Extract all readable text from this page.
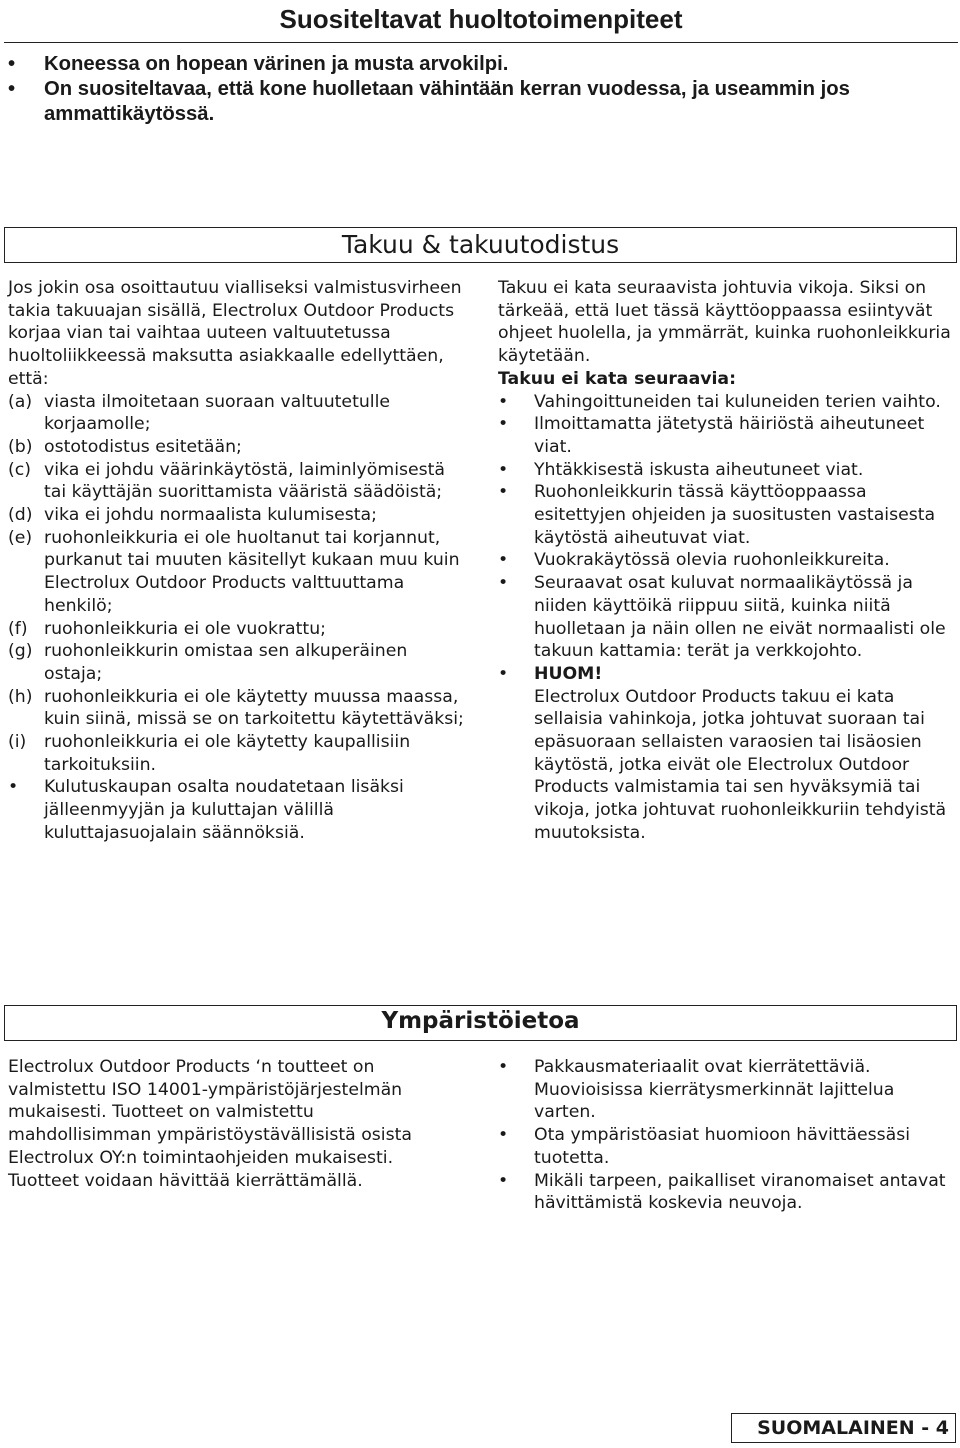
Suositeltavat huoltotoimenpiteet
• Koneessa on hopean värinen ja musta arvokilpi.
• On suositeltavaa, että kone huolletaan vähintään kerran vuodessa, ja useammin jos ammattikäytössä.
Takuu & takuutodistus

Jos jokin osa osoittautuu vialliseksi valmistusvirheen takia takuuajan sisällä, Electrolux Outdoor Products korjaa vian tai vaihtaa uuteen valtuutetussa huoltoliikkeessä maksutta asiakkaalle edellyttäen, että:

(a) viasta ilmoitetaan suoraan valtuutetulle korjaamolle;

(b) ostotodistus esitetään;

(c) vika ei johdu väärinkäytöstä, laiminlyömisestä tai käyttäjän suorittamista vääristä säädöistä;

(d) vika ei johdu normaalista kulumisesta;

(e) ruohonleikkuria ei ole huoltanut tai korjannut, purkanut tai muuten käsitellyt kukaan muu kuin Electrolux Outdoor Products valttuuttama henkilö;

(f) ruohonleikkuria ei ole vuokrattu;

(g) ruohonleikkurin omistaa sen alkuperäinen ostaja;

(h) ruohonleikkuria ei ole käytetty muussa maassa, kuin siinä, missä se on tarkoitettu käytettäväksi;

(i) ruohonleikkuria ei ole käytetty kaupallisiin tarkoituksiin.

• Kulutuskaupan osalta noudatetaan lisäksi jälleenmyyjän ja kuluttajan välillä kuluttajasuojalain säännöksiä.

Takuu ei kata seuraavista johtuvia vikoja. Siksi on tärkeää, että luet tässä käyttöoppaassa esiintyvät ohjeet huolella, ja ymmärrät, kuinka ruohonleikkuria käytetään.

Takuu ei kata seuraavia:

• Vahingoittuneiden tai kuluneiden terien vaihto.

• Ilmoittamatta jätetystä häiriöstä aiheutuneet viat.

• Yhtäkkisestä iskusta aiheutuneet viat.

• Ruohonleikkurin tässä käyttöoppaassa esitettyjen ohjeiden ja suositusten vastaisesta käytöstä aiheutuvat viat.

• Vuokrakäytössä olevia ruohonleikkureita.

• Seuraavat osat kuluvat normaalikäytössä ja niiden käyttöikä riippuu siitä, kuinka niitä huolletaan ja näin ollen ne eivät normaalisti ole takuun kattamia: terät ja verkkojohto.

• HUOM!
Electrolux Outdoor Products takuu ei kata sellaisia vahinkoja, jotka johtuvat suoraan tai epäsuoraan sellaisten varaosien tai lisäosien käytöstä, jotka eivät ole Electrolux Outdoor Products valmistamia tai sen hyväksymiä tai vikoja, jotka johtuvat ruohonleikkuriin tehdyistä muutoksista.

Ympäristöietoa

Electrolux Outdoor Products ‘n toutteet on valmistettu ISO 14001-ympäristöjärjestelmän mukaisesti. Tuotteet on valmistettu mahdollisimman ympäristöystävällisistä osista Electrolux OY:n toimintaohjeiden mukaisesti. Tuotteet voidaan hävittää kierrättämällä.

• Pakkausmateriaalit ovat kierrätettäviä. Muovioisissa kierrätysmerkinnät lajittelua varten.

• Ota ympäristöasiat huomioon hävittäessäsi tuotetta.

• Mikäli tarpeen, paikalliset viranomaiset antavat hävittämistä koskevia neuvoja.

SUOMALAINEN - 4
